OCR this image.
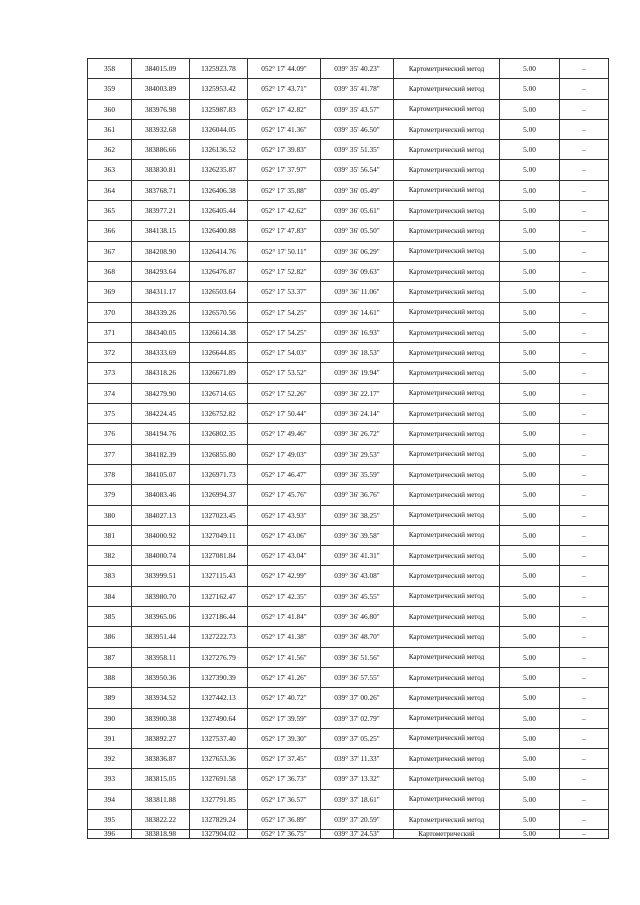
358	384015.09	1325923.78	052° 17' 44.09"	039° 35' 40.23"	Картометрический метод	5.00	–
359	384003.89	1325953.42	052° 17' 43.71"	039° 35' 41.78"	Картометрический метод	5.00	–
360	383976.98	1325987.83	052° 17' 42.82"	039° 35' 43.57"	Картометрический метод	5.00	–
361	383932.68	1326044.05	052° 17' 41.36"	039° 35' 46.50"	Картометрический метод	5.00	–
362	383886.66	1326136.52	052° 17' 39.83"	039° 35' 51.35"	Картометрический метод	5.00	–
363	383830.81	1326235.87	052° 17' 37.97"	039° 35' 56.54"	Картометрический метод	5.00	–
364	383768.71	1326406.38	052° 17' 35.88"	039° 36' 05.49"	Картометрический метод	5.00	–
365	383977.21	1326405.44	052° 17' 42.62"	039° 36' 05.61"	Картометрический метод	5.00	–
366	384138.15	1326400.88	052° 17' 47.83"	039° 36' 05.50"	Картометрический метод	5.00	–
367	384208.90	1326414.76	052° 17' 50.11"	039° 36' 06.29"	Картометрический метод	5.00	–
368	384293.64	1326476.87	052° 17' 52.82"	039° 36' 09.63"	Картометрический метод	5.00	–
369	384311.17	1326503.64	052° 17' 53.37"	039° 36' 11.06"	Картометрический метод	5.00	–
370	384339.26	1326570.56	052° 17' 54.25"	039° 36' 14.61"	Картометрический метод	5.00	–
371	384340.05	1326614.38	052° 17' 54.25"	039° 36' 16.93"	Картометрический метод	5.00	–
372	384333.69	1326644.85	052° 17' 54.03"	039° 36' 18.53"	Картометрический метод	5.00	–
373	384318.26	1326671.89	052° 17' 53.52"	039° 36' 19.94"	Картометрический метод	5.00	–
374	384279.90	1326714.65	052° 17' 52.26"	039° 36' 22.17"	Картометрический метод	5.00	–
375	384224.45	1326752.82	052° 17' 50.44"	039° 36' 24.14"	Картометрический метод	5.00	–
376	384194.76	1326802.35	052° 17' 49.46"	039° 36' 26.72"	Картометрический метод	5.00	–
377	384182.39	1326855.80	052° 17' 49.03"	039° 36' 29.53"	Картометрический метод	5.00	–
378	384105.07	1326971.73	052° 17' 46.47"	039° 36' 35.59"	Картометрический метод	5.00	–
379	384083.46	1326994.37	052° 17' 45.76"	039° 36' 36.76"	Картометрический метод	5.00	–
380	384027.13	1327023.45	052° 17' 43.93"	039° 36' 38.25"	Картометрический метод	5.00	–
381	384000.92	1327049.11	052° 17' 43.06"	039° 36' 39.58"	Картометрический метод	5.00	–
382	384000.74	1327081.84	052° 17' 43.04"	039° 36' 41.31"	Картометрический метод	5.00	–
383	383999.51	1327115.43	052° 17' 42.99"	039° 36' 43.08"	Картометрический метод	5.00	–
384	383980.70	1327162.47	052° 17' 42.35"	039° 36' 45.55"	Картометрический метод	5.00	–
385	383965.06	1327186.44	052° 17' 41.84"	039° 36' 46.80"	Картометрический метод	5.00	–
386	383951.44	1327222.73	052° 17' 41.38"	039° 36' 48.70"	Картометрический метод	5.00	–
387	383958.11	1327276.79	052° 17' 41.56"	039° 36' 51.56"	Картометрический метод	5.00	–
388	383950.36	1327390.39	052° 17' 41.26"	039° 36' 57.55"	Картометрический метод	5.00	–
389	383934.52	1327442.13	052° 17' 40.72"	039° 37' 00.26"	Картометрический метод	5.00	–
390	383900.38	1327490.64	052° 17' 39.59"	039° 37' 02.79"	Картометрический метод	5.00	–
391	383892.27	1327537.40	052° 17' 39.30"	039° 37' 05.25"	Картометрический метод	5.00	–
392	383836.87	1327653.36	052° 17' 37.45"	039° 37' 11.33"	Картометрический метод	5.00	–
393	383815.05	1327691.58	052° 17' 36.73"	039° 37' 13.32"	Картометрический метод	5.00	–
394	383811.88	1327791.85	052° 17' 36.57"	039° 37' 18.61"	Картометрический метод	5.00	–
395	383822.22	1327829.24	052° 17' 36.89"	039° 37' 20.59"	Картометрический метод	5.00	–
396	383818.98	1327904.02	052° 17' 36.75"	039° 37' 24.53"	Картометрический	5.00	–
